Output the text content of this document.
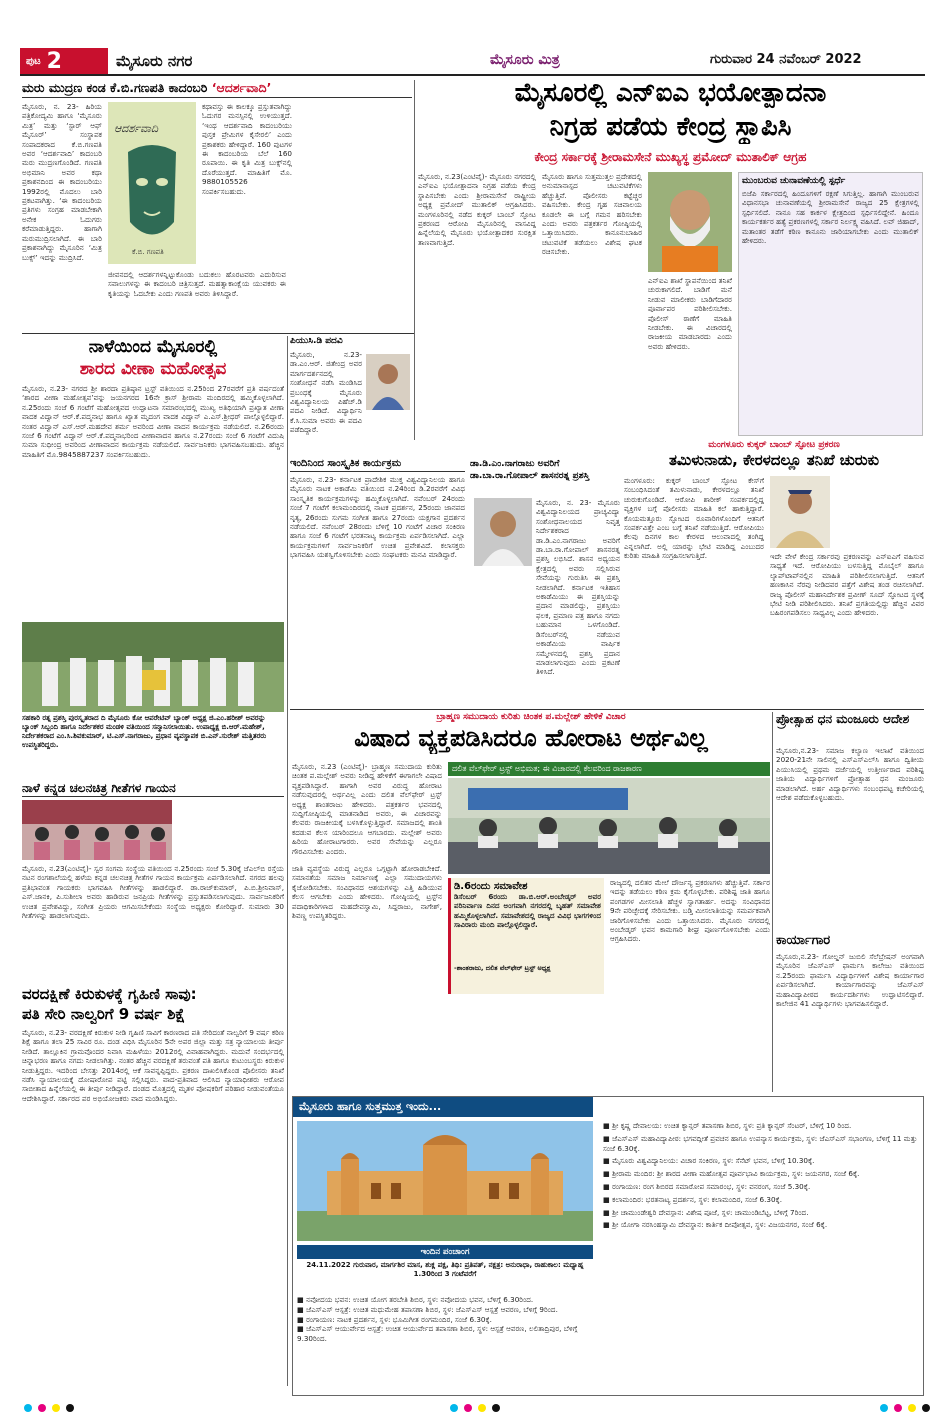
ಪುಟ 2	ಮೈಸೂರು ನಗರ	ಮೈಸೂರು ಮಿತ್ರ	ಗುರುವಾರ 24 ನವೆಂಬರ್ 2022
ಮರು ಮುದ್ರಣ ಕಂಡ ಕೆ.ಬಿ.ಗಣಪತಿ ಕಾದಂಬರಿ ‘ಆದರ್ಶವಾದಿ’
ಮೈಸೂರು, ನ. 23- ಹಿರಿಯ ಪತ್ರಿಕೋದ್ಯಮಿ ಹಾಗೂ ‘ಮೈಸೂರು ಮಿತ್ರ’ ಮತ್ತು ‘ಸ್ಟಾರ್ ಆಫ್ ಮೈಸೂರ್’ ಸಂಸ್ಥಾಪಕ ಸಂಪಾದಕರಾದ ಕೆ.ಬಿ.ಗಣಪತಿ ಅವರ ‘ಆದರ್ಶವಾದಿ’ ಕಾದಂಬರಿ ಮರು ಮುದ್ರಣಗೊಂಡಿದೆ. ಗಣಪತಿ ಅಭಿಮಾನಿ ಅವರ ಕಥಾ ಪ್ರಕಾಶನದಿಂದ ಈ ಕಾದಂಬರಿಯು 1992ರಲ್ಲಿ ಮೊದಲು ಬಾರಿ ಪ್ರಕಟವಾಗಿತ್ತು. ‘ಈ ಕಾದಂಬರಿಯ ಪ್ರತಿಗಳು ಸಂಗ್ರಹ ಮಾಡಬೇಕಾಗಿ ಅನೇಕ ಓದುಗರು ಕರೆಮಾಡುತ್ತಿದ್ದರು. ಹಾಗಾಗಿ ಮರುಮುದ್ರಿಸಲಾಗಿದೆ. ಈ ಬಾರಿ ಪ್ರಕಾಶನಾಗಿದ್ದು ಮೈಸೂರಿನ ‘ಮಿತ್ರ ಬುಕ್ಸ್’ ಇದನ್ನು ಮುದ್ರಿಸಿದೆ.
ಆದರ್ಶವಾದಿ
ಕೆ.ಬಿ. ಗಣಪತಿ
ಜೀವನದಲ್ಲಿ ಆದರ್ಶಗಳನ್ನಿಟ್ಟುಕೊಂಡು ಬದುಕಲು ಹೊರಟವರು ಎದುರಿಸುವ ಸವಾಲುಗಳನ್ನು ಈ ಕಾದಂಬರಿ ಚಿತ್ರಿಸುತ್ತದೆ. ಮಹತ್ವಾಕಾಂಕ್ಷೆಯ ಯುವಕರು ಈ ಕೃತಿಯನ್ನು ಓದಬೇಕು ಎಂದು ಗಣಪತಿ ಅವರು ತಿಳಿಸಿದ್ದಾರೆ.
ಕಥಾವಸ್ತು ಈ ಕಾಲಕ್ಕೂ ಪ್ರಸ್ತುತವಾಗಿದ್ದು ಓದುಗರ ಮನಸ್ಸಿನಲ್ಲಿ ಉಳಿಯುತ್ತದೆ. ‘ಇಂಥ ಆದರ್ಶವಾದಿ ಕಾದಂಬರಿಯು ಪುಸ್ತಕ ಪ್ರೇಮಿಗಳ ಕೈಸೇರಲಿ’ ಎಂದು ಪ್ರಕಾಶಕರು ಹೇಳಿದ್ದಾರೆ. 160 ಪುಟಗಳ ಈ ಕಾದಂಬರಿಯ ಬೆಲೆ 160 ರೂಪಾಯಿ. ಈ ಕೃತಿ ಮಿತ್ರ ಬುಕ್ಸ್‌ನಲ್ಲಿ ದೊರೆಯುತ್ತದೆ. ಮಾಹಿತಿಗೆ ಮೊ. 9880105526 ಸಂಪರ್ಕಿಸಬಹುದು.
ಮೈಸೂರಲ್ಲಿ ಎನ್‌ಐಎ ಭಯೋತ್ಪಾದನಾ
ನಿಗ್ರಹ ಪಡೆಯ ಕೇಂದ್ರ ಸ್ಥಾಪಿಸಿ
ಕೇಂದ್ರ ಸರ್ಕಾರಕ್ಕೆ ಶ್ರೀರಾಮಸೇನೆ ಮುಖ್ಯಸ್ಥ ಪ್ರಮೋದ್ ಮುತಾಲಿಕ್ ಆಗ್ರಹ
ಮೈಸೂರು, ನ.23(ಎಂಟಿವೈ)- ಮೈಸೂರು ನಗರದಲ್ಲಿ ಎನ್‌ಐಎ ಭಯೋತ್ಪಾದನಾ ನಿಗ್ರಹ ಪಡೆಯ ಕೇಂದ್ರ ಸ್ಥಾಪಿಸಬೇಕು ಎಂದು ಶ್ರೀರಾಮಸೇನೆ ರಾಷ್ಟ್ರೀಯ ಅಧ್ಯಕ್ಷ ಪ್ರಮೋದ್ ಮುತಾಲಿಕ್ ಆಗ್ರಹಿಸಿದರು. ಮಂಗಳೂರಿನಲ್ಲಿ ನಡೆದ ಕುಕ್ಕರ್ ಬಾಂಬ್ ಸ್ಫೋಟ ಪ್ರಕರಣದ ಆರೋಪಿ ಮೈಸೂರಿನಲ್ಲಿ ವಾಸವಿದ್ದ ಹಿನ್ನೆಲೆಯಲ್ಲಿ ಮೈಸೂರು ಭಯೋತ್ಪಾದಕರ ಸುರಕ್ಷಿತ ತಾಣವಾಗುತ್ತಿದೆ.
ಮೈಸೂರು ಹಾಗೂ ಸುತ್ತಮುತ್ತಲ ಪ್ರದೇಶದಲ್ಲಿ ಅನುಮಾನಾಸ್ಪದ ಚಟುವಟಿಕೆಗಳು ಹೆಚ್ಚುತ್ತಿವೆ. ಪೊಲೀಸರು ಕಟ್ಟೆಚ್ಚರ ವಹಿಸಬೇಕು. ಕೇಂದ್ರ ಗೃಹ ಸಚಿವಾಲಯ ಕೂಡಲೇ ಈ ಬಗ್ಗೆ ಗಮನ ಹರಿಸಬೇಕು ಎಂದು ಅವರು ಪತ್ರಕರ್ತರ ಗೋಷ್ಠಿಯಲ್ಲಿ ಒತ್ತಾಯಿಸಿದರು. ಕಾನೂನುಬಾಹಿರ ಚಟುವಟಿಕೆ ತಡೆಯಲು ವಿಶೇಷ ಘಟಕ ರಚಿಸಬೇಕು.
ಎನ್‌ಐಎ ಶಾಖೆ ಸ್ಥಾಪನೆಯಿಂದ ತನಿಖೆ ಚುರುಕಾಗಲಿದೆ. ಬಾಡಿಗೆ ಮನೆ ನೀಡುವ ಮಾಲೀಕರು ಬಾಡಿಗೆದಾರರ ಪೂರ್ವಾಪರ ಪರಿಶೀಲಿಸಬೇಕು. ಪೊಲೀಸ್ ಠಾಣೆಗೆ ಮಾಹಿತಿ ನೀಡಬೇಕು. ಈ ವಿಚಾರದಲ್ಲಿ ರಾಜಕೀಯ ಮಾಡಬಾರದು ಎಂದು ಅವರು ಹೇಳಿದರು.
ಮುಂಬರುವ ಚುನಾವಣೆಯಲ್ಲಿ ಸ್ಪರ್ಧೆ
ಬಿಜೆಪಿ ಸರ್ಕಾರದಲ್ಲಿ ಹಿಂದೂಗಳಿಗೆ ರಕ್ಷಣೆ ಸಿಗುತ್ತಿಲ್ಲ. ಹಾಗಾಗಿ ಮುಂಬರುವ ವಿಧಾನಸಭಾ ಚುನಾವಣೆಯಲ್ಲಿ ಶ್ರೀರಾಮಸೇನೆ ರಾಜ್ಯದ 25 ಕ್ಷೇತ್ರಗಳಲ್ಲಿ ಸ್ಪರ್ಧಿಸಲಿದೆ. ನಾನೂ ಸಹ ಕಾರ್ಕಳ ಕ್ಷೇತ್ರದಿಂದ ಸ್ಪರ್ಧಿಸಲಿದ್ದೇನೆ. ಹಿಂದೂ ಕಾರ್ಯಕರ್ತರ ಹತ್ಯೆ ಪ್ರಕರಣಗಳಲ್ಲಿ ಸರ್ಕಾರ ನಿರ್ಲಕ್ಷ್ಯ ವಹಿಸಿದೆ. ಲವ್ ಜಿಹಾದ್, ಮತಾಂತರ ತಡೆಗೆ ಕಠಿಣ ಕಾನೂನು ಜಾರಿಯಾಗಬೇಕು ಎಂದು ಮುತಾಲಿಕ್ ಹೇಳಿದರು.
ನಾಳೆಯಿಂದ ಮೈಸೂರಲ್ಲಿ
ಶಾರದ ವೀಣಾ ಮಹೋತ್ಸವ
ಮೈಸೂರು, ನ.23- ನಗರದ ಶ್ರೀ ಶಾರದಾ ಪ್ರತಿಷ್ಠಾನ ಟ್ರಸ್ಟ್ ವತಿಯಿಂದ ನ.25ರಿಂದ 27ರವರೆಗೆ ಪ್ರತಿ ವರ್ಷದಂತೆ ‘ಶಾರದ ವೀಣಾ ಮಹೋತ್ಸವ’ವನ್ನು ಜಯನಗರದ 16ನೇ ಕ್ರಾಸ್ ಶ್ರೀರಾಮ ಮಂದಿರದಲ್ಲಿ ಹಮ್ಮಿಕೊಳ್ಳಲಾಗಿದೆ. ನ.25ರಂದು ಸಂಜೆ 6 ಗಂಟೆಗೆ ಮಹೋತ್ಸವದ ಉದ್ಘಾಟನಾ ಸಮಾರಂಭದಲ್ಲಿ ಮುಖ್ಯ ಅತಿಥಿಯಾಗಿ ಪ್ರಖ್ಯಾತ ವೀಣಾ ವಾದಕ ವಿದ್ವಾನ್ ಆರ್.ಕೆ.ಪದ್ಮನಾಭ ಹಾಗೂ ಖ್ಯಾತ ಮೃದಂಗ ವಾದಕ ವಿದ್ವಾನ್ ಎ.ಎಸ್.ಶ್ರೀಧರ್ ಪಾಲ್ಗೊಳ್ಳಲಿದ್ದಾರೆ. ನಂತರ ವಿದ್ವಾನ್ ಎಸ್.ಆರ್.ಮಹದೇವ ಶರ್ಮ ಅವರಿಂದ ವೀಣಾ ವಾದನ ಕಾರ್ಯಕ್ರಮ ನಡೆಯಲಿದೆ. ನ.26ರಂದು ಸಂಜೆ 6 ಗಂಟೆಗೆ ವಿದ್ವಾನ್ ಆರ್.ಕೆ.ಪದ್ಮನಾಭರಿಂದ ವೀಣಾವಾದನ ಹಾಗೂ ನ.27ರಂದು ಸಂಜೆ 6 ಗಂಟೆಗೆ ವಿದುಷಿ ಸುಮಾ ಸುಧೀಂದ್ರ ಅವರಿಂದ ವೀಣಾವಾದನ ಕಾರ್ಯಕ್ರಮ ನಡೆಯಲಿದೆ. ಸಾರ್ವಜನಿಕರು ಭಾಗವಹಿಸಬಹುದು. ಹೆಚ್ಚಿನ ಮಾಹಿತಿಗೆ ಮೊ.9845887237 ಸಂಪರ್ಕಿಸಬಹುದು.
ಪಿಯುಸಿ.ಡಿ ಪದವಿ
ಮೈಸೂರು, ನ.23- ಡಾ.ಎಂ.ಆರ್. ಜಿತೇಂದ್ರ ಅವರ ಮಾರ್ಗದರ್ಶನದಲ್ಲಿ ಸಂಶೋಧನೆ ನಡೆಸಿ ಮಂಡಿಸಿದ ಪ್ರಬಂಧಕ್ಕೆ ಮೈಸೂರು ವಿಶ್ವವಿದ್ಯಾನಿಲಯ ಪಿಹೆಚ್.ಡಿ ಪದವಿ ನೀಡಿದೆ. ವಿದ್ಯಾರ್ಥಿನಿ ಕೆ.ಸಿ.ಸುಮಾ ಅವರು ಈ ಪದವಿ ಪಡೆದಿದ್ದಾರೆ.
ಇಂದಿನಿಂದ ಸಾಂಸ್ಕೃತಿಕ ಕಾರ್ಯಕ್ರಮ
ಮೈಸೂರು, ನ.23- ಕರ್ನಾಟಕ ಪ್ರಾದೇಶಿಕ ಮುಕ್ತ ವಿಶ್ವವಿದ್ಯಾನಿಲಯ ಹಾಗೂ ಮೈಸೂರು ನಾಟಕ ಅಕಾಡೆಮಿ ವತಿಯಿಂದ ನ.24ರಿಂದ ಡಿ.2ರವರೆಗೆ ವಿವಿಧ ಸಾಂಸ್ಕೃತಿಕ ಕಾರ್ಯಕ್ರಮಗಳನ್ನು ಹಮ್ಮಿಕೊಳ್ಳಲಾಗಿದೆ. ನವೆಂಬರ್ 24ರಂದು ಸಂಜೆ 7 ಗಂಟೆಗೆ ಕಲಾಮಂದಿರದಲ್ಲಿ ನಾಟಕ ಪ್ರದರ್ಶನ, 25ರಂದು ಜಾನಪದ ನೃತ್ಯ, 26ರಂದು ಸುಗಮ ಸಂಗೀತ ಹಾಗೂ 27ರಂದು ಯಕ್ಷಗಾನ ಪ್ರದರ್ಶನ ನಡೆಯಲಿದೆ. ನವೆಂಬರ್ 28ರಂದು ಬೆಳಿಗ್ಗೆ 10 ಗಂಟೆಗೆ ವಿಚಾರ ಸಂಕಿರಣ ಹಾಗೂ ಸಂಜೆ 6 ಗಂಟೆಗೆ ಭರತನಾಟ್ಯ ಕಾರ್ಯಕ್ರಮ ಏರ್ಪಡಿಸಲಾಗಿದೆ. ಎಲ್ಲಾ ಕಾರ್ಯಕ್ರಮಗಳಿಗೆ ಸಾರ್ವಜನಿಕರಿಗೆ ಉಚಿತ ಪ್ರವೇಶವಿದೆ. ಕಲಾಸಕ್ತರು ಭಾಗವಹಿಸಿ ಯಶಸ್ವಿಗೊಳಿಸಬೇಕು ಎಂದು ಸಂಘಟಕರು ಮನವಿ ಮಾಡಿದ್ದಾರೆ.
ಡಾ.ಡಿ.ಎಂ.ನಾಗರಾಜು ಅವರಿಗೆ ಡಾ.ಬಾ.ರಾ.ಗೋಪಾಲ್ ಶಾಸನರತ್ನ ಪ್ರಶಸ್ತಿ
ಮೈಸೂರು, ನ. 23- ಮೈಸೂರು ವಿಶ್ವವಿದ್ಯಾನಿಲಯದ ಪ್ರಾಚ್ಯವಿದ್ಯಾ ಸಂಶೋಧನಾಲಯದ ನಿವೃತ್ತ ನಿರ್ದೇಶಕರಾದ ಡಾ.ಡಿ.ಎಂ.ನಾಗರಾಜು ಅವರಿಗೆ ಡಾ.ಬಾ.ರಾ.ಗೋಪಾಲ್ ಶಾಸನರತ್ನ ಪ್ರಶಸ್ತಿ ಲಭಿಸಿದೆ. ಶಾಸನ ಅಧ್ಯಯನ ಕ್ಷೇತ್ರದಲ್ಲಿ ಅವರು ಸಲ್ಲಿಸಿರುವ ಸೇವೆಯನ್ನು ಗುರುತಿಸಿ ಈ ಪ್ರಶಸ್ತಿ ನೀಡಲಾಗಿದೆ. ಕರ್ನಾಟಕ ಇತಿಹಾಸ ಅಕಾಡೆಮಿಯು ಈ ಪ್ರಶಸ್ತಿಯನ್ನು ಪ್ರದಾನ ಮಾಡಲಿದ್ದು, ಪ್ರಶಸ್ತಿಯು ಫಲಕ, ಪ್ರಮಾಣ ಪತ್ರ ಹಾಗೂ ನಗದು ಬಹುಮಾನ ಒಳಗೊಂಡಿದೆ. ಡಿಸೆಂಬರ್‌ನಲ್ಲಿ ನಡೆಯುವ ಅಕಾಡೆಮಿಯ ವಾರ್ಷಿಕ ಸಮ್ಮೇಳನದಲ್ಲಿ ಪ್ರಶಸ್ತಿ ಪ್ರದಾನ ಮಾಡಲಾಗುವುದು ಎಂದು ಪ್ರಕಟಣೆ ತಿಳಿಸಿದೆ.
ಮಂಗಳೂರು ಕುಕ್ಕರ್ ಬಾಂಬ್ ಸ್ಫೋಟ ಪ್ರಕರಣ
ತಮಿಳುನಾಡು, ಕೇರಳದಲ್ಲೂ ತನಿಖೆ ಚುರುಕು
ಮಂಗಳೂರು: ಕುಕ್ಕರ್ ಬಾಂಬ್ ಸ್ಫೋಟ ಕೇಸ್‌ಗೆ ಸಂಬಂಧಿಸಿದಂತೆ ತಮಿಳುನಾಡು, ಕೇರಳದಲ್ಲೂ ತನಿಖೆ ಚುರುಕುಗೊಂಡಿದೆ. ಆರೋಪಿ ಶಾರೀಕ್ ಸಂಪರ್ಕದಲ್ಲಿದ್ದ ವ್ಯಕ್ತಿಗಳ ಬಗ್ಗೆ ಪೊಲೀಸರು ಮಾಹಿತಿ ಕಲೆ ಹಾಕುತ್ತಿದ್ದಾರೆ. ಕೊಯಮತ್ತೂರು ಸ್ಫೋಟದ ರೂವಾರಿಗಳೊಂದಿಗೆ ಆತನಿಗೆ ಸಂಪರ್ಕವಿತ್ತೇ ಎಂಬ ಬಗ್ಗೆ ತನಿಖೆ ನಡೆಯುತ್ತಿದೆ. ಆರೋಪಿಯು ಕೆಲವು ದಿನಗಳ ಕಾಲ ಕೇರಳದ ಆಲುವಾದಲ್ಲಿ ತಂಗಿದ್ದ ಎನ್ನಲಾಗಿದೆ. ಅಲ್ಲಿ ಯಾರನ್ನು ಭೇಟಿ ಮಾಡಿದ್ದ ಎಂಬುದರ ಕುರಿತು ಮಾಹಿತಿ ಸಂಗ್ರಹಿಸಲಾಗುತ್ತಿದೆ.	ಇದೇ ವೇಳೆ ಕೇಂದ್ರ ಸರ್ಕಾರವು ಪ್ರಕರಣವನ್ನು ಎನ್‌ಐಎಗೆ ವಹಿಸುವ ಸಾಧ್ಯತೆ ಇದೆ. ಆರೋಪಿಯು ಬಳಸುತ್ತಿದ್ದ ಮೊಬೈಲ್ ಹಾಗೂ ಲ್ಯಾಪ್‌ಟಾಪ್‌ನಲ್ಲಿನ ಮಾಹಿತಿ ಪರಿಶೀಲಿಸಲಾಗುತ್ತಿದೆ. ಆತನಿಗೆ ಹಣಕಾಸಿನ ನೆರವು ನೀಡಿದವರ ಪತ್ತೆಗೆ ವಿಶೇಷ ತಂಡ ರಚಿಸಲಾಗಿದೆ. ರಾಜ್ಯ ಪೊಲೀಸ್ ಮಹಾನಿರ್ದೇಶಕ ಪ್ರವೀಣ್ ಸೂದ್ ಸ್ಫೋಟದ ಸ್ಥಳಕ್ಕೆ ಭೇಟಿ ನೀಡಿ ಪರಿಶೀಲಿಸಿದರು. ತನಿಖೆ ಪ್ರಗತಿಯಲ್ಲಿದ್ದು ಹೆಚ್ಚಿನ ವಿವರ ಬಹಿರಂಗಪಡಿಸಲು ಸಾಧ್ಯವಿಲ್ಲ ಎಂದು ಹೇಳಿದರು.
ಸಹಕಾರಿ ರತ್ನ ಪ್ರಶಸ್ತಿ ಪುರಸ್ಕೃತರಾದ ದಿ ಮೈಸೂರು ಕೋ ಆಪರೇಟಿವ್ ಬ್ಯಾಂಕ್ ಅಧ್ಯಕ್ಷ ಜಿ.ಎಂ.ಹರೀಶ್ ಅವರನ್ನು ಬ್ಯಾಂಕ್ ಸಿಬ್ಬಂದಿ ಹಾಗೂ ನಿರ್ದೇಶಕರ ಮಂಡಳಿ ವತಿಯಿಂದ ಸನ್ಮಾನಿಸಲಾಯಿತು. ಉಪಾಧ್ಯಕ್ಷ ಬಿ.ಆರ್.ಮಹೇಶ್, ನಿರ್ದೇಶಕರಾದ ಎಂ.ಸಿ.ಶಿವಕುಮಾರ್, ಟಿ.ಎಸ್.ನಾಗರಾಜು, ಪ್ರಧಾನ ವ್ಯವಸ್ಥಾಪಕ ಬಿ.ಎನ್.ಸುರೇಶ್ ಮತ್ತಿತರರು ಉಪಸ್ಥಿತರಿದ್ದರು.
ನಾಳೆ ಕನ್ನಡ ಚಲನಚಿತ್ರ ಗೀತೆಗಳ ಗಾಯನ
ಮೈಸೂರು, ನ.23(ಎಂಟಿವೈ)- ಸ್ವರ ಸಂಗಮ ಸಂಸ್ಥೆಯ ವತಿಯಿಂದ ನ.25ರಂದು ಸಂಜೆ 5.30ಕ್ಕೆ ಜೆಎಲ್‌ಬಿ ರಸ್ತೆಯ ನಟನ ರಂಗಶಾಲೆಯಲ್ಲಿ ಹಳೆಯ ಕನ್ನಡ ಚಲನಚಿತ್ರ ಗೀತೆಗಳ ಗಾಯನ ಕಾರ್ಯಕ್ರಮ ಏರ್ಪಡಿಸಲಾಗಿದೆ. ನಗರದ ಹಲವು ಪ್ರತಿಭಾವಂತ ಗಾಯಕರು ಭಾಗವಹಿಸಿ ಗೀತೆಗಳನ್ನು ಹಾಡಲಿದ್ದಾರೆ. ಡಾ.ರಾಜ್‌ಕುಮಾರ್, ಪಿ.ಬಿ.ಶ್ರೀನಿವಾಸ್, ಎಸ್.ಜಾನಕಿ, ಪಿ.ಸುಶೀಲಾ ಅವರು ಹಾಡಿರುವ ಜನಪ್ರಿಯ ಗೀತೆಗಳನ್ನು ಪ್ರಸ್ತುತಪಡಿಸಲಾಗುವುದು. ಸಾರ್ವಜನಿಕರಿಗೆ ಉಚಿತ ಪ್ರವೇಶವಿದ್ದು, ಸಂಗೀತ ಪ್ರಿಯರು ಆಗಮಿಸಬೇಕೆಂದು ಸಂಸ್ಥೆಯ ಅಧ್ಯಕ್ಷರು ಕೋರಿದ್ದಾರೆ. ಸುಮಾರು 30 ಗೀತೆಗಳನ್ನು ಹಾಡಲಾಗುವುದು.
ವರದಕ್ಷಿಣೆ ಕಿರುಕುಳಕ್ಕೆ ಗೃಹಿಣಿ ಸಾವು:
ಪತಿ ಸೇರಿ ನಾಲ್ವರಿಗೆ 9 ವರ್ಷ ಶಿಕ್ಷೆ
ಮೈಸೂರು, ನ.23- ವರದಕ್ಷಿಣೆ ಕಿರುಕುಳ ನೀಡಿ ಗೃಹಿಣಿ ಸಾವಿಗೆ ಕಾರಣರಾದ ಪತಿ ಸೇರಿದಂತೆ ನಾಲ್ವರಿಗೆ 9 ವರ್ಷ ಕಠಿಣ ಶಿಕ್ಷೆ ಹಾಗೂ ತಲಾ 25 ಸಾವಿರ ರೂ. ದಂಡ ವಿಧಿಸಿ ಮೈಸೂರಿನ 5ನೇ ಅಪರ ಜಿಲ್ಲಾ ಮತ್ತು ಸತ್ರ ನ್ಯಾಯಾಲಯ ತೀರ್ಪು ನೀಡಿದೆ. ತಾಲ್ಲೂಕಿನ ಗ್ರಾಮವೊಂದರ ನಿವಾಸಿ ಮಹಿಳೆಯು 2012ರಲ್ಲಿ ವಿವಾಹವಾಗಿದ್ದರು. ಮದುವೆ ಸಂದರ್ಭದಲ್ಲಿ ಚಿನ್ನಾಭರಣ ಹಾಗೂ ನಗದು ನೀಡಲಾಗಿತ್ತು. ನಂತರ ಹೆಚ್ಚಿನ ವರದಕ್ಷಿಣೆ ತರುವಂತೆ ಪತಿ ಹಾಗೂ ಕುಟುಂಬಸ್ಥರು ಕಿರುಕುಳ ನೀಡುತ್ತಿದ್ದರು. ಇದರಿಂದ ಬೇಸತ್ತು 2014ರಲ್ಲಿ ಆಕೆ ಸಾವನ್ನಪ್ಪಿದ್ದರು. ಪ್ರಕರಣ ದಾಖಲಿಸಿಕೊಂಡ ಪೊಲೀಸರು ತನಿಖೆ ನಡೆಸಿ ನ್ಯಾಯಾಲಯಕ್ಕೆ ದೋಷಾರೋಪ ಪಟ್ಟಿ ಸಲ್ಲಿಸಿದ್ದರು. ವಾದ-ಪ್ರತಿವಾದ ಆಲಿಸಿದ ನ್ಯಾಯಾಧೀಶರು ಆರೋಪ ಸಾಬೀತಾದ ಹಿನ್ನೆಲೆಯಲ್ಲಿ ಈ ತೀರ್ಪು ನೀಡಿದ್ದಾರೆ. ದಂಡದ ಮೊತ್ತದಲ್ಲಿ ಮೃತಳ ಪೋಷಕರಿಗೆ ಪರಿಹಾರ ನೀಡುವಂತೆಯೂ ಆದೇಶಿಸಿದ್ದಾರೆ. ಸರ್ಕಾರದ ಪರ ಅಭಿಯೋಜಕರು ವಾದ ಮಂಡಿಸಿದ್ದರು.
ಬ್ರಾಹ್ಮಣ ಸಮುದಾಯ ಕುರಿತು ಚಿಂತಕ ಪ.ಮಲ್ಲೇಶ್ ಹೇಳಿಕೆ ವಿಚಾರ
ವಿಷಾದ ವ್ಯಕ್ತಪಡಿಸಿದರೂ ಹೋರಾಟ ಅರ್ಥವಿಲ್ಲ
ಮೈಸೂರು, ನ.23 (ಎಂಟಿವೈ)- ಬ್ರಾಹ್ಮಣ ಸಮುದಾಯ ಕುರಿತು ಚಿಂತಕ ಪ.ಮಲ್ಲೇಶ್ ಅವರು ನೀಡಿದ್ದ ಹೇಳಿಕೆಗೆ ಈಗಾಗಲೇ ವಿಷಾದ ವ್ಯಕ್ತಪಡಿಸಿದ್ದಾರೆ. ಹಾಗಾಗಿ ಅವರ ವಿರುದ್ಧ ಹೋರಾಟ ನಡೆಸುವುದರಲ್ಲಿ ಅರ್ಥವಿಲ್ಲ ಎಂದು ದಲಿತ ವೆಲ್‌ಫೇರ್ ಟ್ರಸ್ಟ್ ಅಧ್ಯಕ್ಷ ಶಾಂತರಾಜು ಹೇಳಿದರು. ಪತ್ರಕರ್ತರ ಭವನದಲ್ಲಿ ಸುದ್ದಿಗೋಷ್ಠಿಯಲ್ಲಿ ಮಾತನಾಡಿದ ಅವರು, ಈ ವಿಚಾರವನ್ನು ಕೆಲವರು ರಾಜಕೀಯಕ್ಕೆ ಬಳಸಿಕೊಳ್ಳುತ್ತಿದ್ದಾರೆ. ಸಮಾಜದಲ್ಲಿ ಶಾಂತಿ ಕದಡುವ ಕೆಲಸ ಯಾರಿಂದಲೂ ಆಗಬಾರದು. ಮಲ್ಲೇಶ್ ಅವರು ಹಿರಿಯ ಹೋರಾಟಗಾರರು. ಅವರ ಸೇವೆಯನ್ನು ಎಲ್ಲರೂ ಗೌರವಿಸಬೇಕು ಎಂದರು.
ದಲಿತ ವೆಲ್‌ಫೇರ್ ಟ್ರಸ್ಟ್ ಅಭಿಮತ; ಈ ವಿಚಾರದಲ್ಲಿ ಕೆಲವರಿಂದ ರಾಜಕಾರಣ
ಡಿ.6ರಂದು ಸಮಾವೇಶ
ಡಿಸೆಂಬರ್ 6ರಂದು ಡಾ.ಬಿ.ಆರ್.ಅಂಬೇಡ್ಕರ್ ಅವರ ಪರಿನಿರ್ವಾಣ ದಿನದ ಅಂಗವಾಗಿ ನಗರದಲ್ಲಿ ಬೃಹತ್ ಸಮಾವೇಶ ಹಮ್ಮಿಕೊಳ್ಳಲಾಗಿದೆ. ಸಮಾವೇಶದಲ್ಲಿ ರಾಜ್ಯದ ವಿವಿಧ ಭಾಗಗಳಿಂದ ಸಾವಿರಾರು ಮಂದಿ ಪಾಲ್ಗೊಳ್ಳಲಿದ್ದಾರೆ.
-ಶಾಂತರಾಜು, ದಲಿತ ವೆಲ್‌ಫೇರ್ ಟ್ರಸ್ಟ್ ಅಧ್ಯಕ್ಷ
ಜಾತಿ ವ್ಯವಸ್ಥೆಯ ವಿರುದ್ಧ ಎಲ್ಲರೂ ಒಗ್ಗಟ್ಟಾಗಿ ಹೋರಾಡಬೇಕಿದೆ. ಸಮಾನತೆಯ ಸಮಾಜ ನಿರ್ಮಾಣಕ್ಕೆ ಎಲ್ಲಾ ಸಮುದಾಯಗಳು ಕೈಜೋಡಿಸಬೇಕು. ಸಂವಿಧಾನದ ಆಶಯಗಳನ್ನು ಎತ್ತಿ ಹಿಡಿಯುವ ಕೆಲಸ ಆಗಬೇಕು ಎಂದು ಹೇಳಿದರು. ಗೋಷ್ಠಿಯಲ್ಲಿ ಟ್ರಸ್ಟ್‌ನ ಪದಾಧಿಕಾರಿಗಳಾದ ಮಹದೇವಸ್ವಾಮಿ, ಸಿದ್ದರಾಜು, ನಾಗೇಶ್, ಶಿವಣ್ಣ ಉಪಸ್ಥಿತರಿದ್ದರು.
ರಾಜ್ಯದಲ್ಲಿ ದಲಿತರ ಮೇಲೆ ದೌರ್ಜನ್ಯ ಪ್ರಕರಣಗಳು ಹೆಚ್ಚುತ್ತಿವೆ. ಸರ್ಕಾರ ಇದನ್ನು ತಡೆಯಲು ಕಠಿಣ ಕ್ರಮ ಕೈಗೊಳ್ಳಬೇಕು. ಪರಿಶಿಷ್ಟ ಜಾತಿ ಹಾಗೂ ಪಂಗಡಗಳ ಮೀಸಲಾತಿ ಹೆಚ್ಚಳ ಸ್ವಾಗತಾರ್ಹ. ಅದನ್ನು ಸಂವಿಧಾನದ 9ನೇ ಪರಿಚ್ಛೇದಕ್ಕೆ ಸೇರಿಸಬೇಕು. ಬಡ್ತಿ ಮೀಸಲಾತಿಯನ್ನು ಸಮರ್ಪಕವಾಗಿ ಜಾರಿಗೊಳಿಸಬೇಕು ಎಂದು ಒತ್ತಾಯಿಸಿದರು. ಮೈಸೂರು ನಗರದಲ್ಲಿ ಅಂಬೇಡ್ಕರ್ ಭವನ ಕಾಮಗಾರಿ ಶೀಘ್ರ ಪೂರ್ಣಗೊಳಿಸಬೇಕು ಎಂದು ಆಗ್ರಹಿಸಿದರು.
ಪ್ರೋತ್ಸಾಹ ಧನ ಮಂಜೂರು ಆದೇಶ
ಮೈಸೂರು,ನ.23- ಸಮಾಜ ಕಲ್ಯಾಣ ಇಲಾಖೆ ವತಿಯಿಂದ 2020-21ನೇ ಸಾಲಿನಲ್ಲಿ ಎಸ್‌ಎಸ್‌ಎಲ್‌ಸಿ ಹಾಗೂ ದ್ವಿತೀಯ ಪಿಯುಸಿಯಲ್ಲಿ ಪ್ರಥಮ ದರ್ಜೆಯಲ್ಲಿ ಉತ್ತೀರ್ಣರಾದ ಪರಿಶಿಷ್ಟ ಜಾತಿಯ ವಿದ್ಯಾರ್ಥಿಗಳಿಗೆ ಪ್ರೋತ್ಸಾಹ ಧನ ಮಂಜೂರು ಮಾಡಲಾಗಿದೆ. ಅರ್ಹ ವಿದ್ಯಾರ್ಥಿಗಳು ಸಂಬಂಧಪಟ್ಟ ಕಚೇರಿಯಲ್ಲಿ ಆದೇಶ ಪಡೆದುಕೊಳ್ಳಬಹುದು.
ಕಾರ್ಯಾಗಾರ
ಮೈಸೂರು,ನ.23- ಗೋಲ್ಡನ್ ಜುಬಿಲಿ ಸೆಲೆಬ್ರೇಷನ್ ಅಂಗವಾಗಿ ಮೈಸೂರಿನ ಜೆಎಸ್‌ಎಸ್ ಫಾರ್ಮಸಿ ಕಾಲೇಜು ವತಿಯಿಂದ ನ.25ರಂದು ಫಾರ್ಮಸಿ ವಿದ್ಯಾರ್ಥಿಗಳಿಗೆ ವಿಶೇಷ ಕಾರ್ಯಾಗಾರ ಏರ್ಪಡಿಸಲಾಗಿದೆ. ಕಾರ್ಯಾಗಾರವನ್ನು ಜೆಎಸ್‌ಎಸ್ ಮಹಾವಿದ್ಯಾಪೀಠದ ಕಾರ್ಯದರ್ಶಿಗಳು ಉದ್ಘಾಟಿಸಲಿದ್ದಾರೆ. ಕಾಲೇಜಿನ 41 ವಿದ್ಯಾರ್ಥಿಗಳು ಭಾಗವಹಿಸಲಿದ್ದಾರೆ.
ಮೈಸೂರು ಹಾಗೂ ಸುತ್ತಮುತ್ತ ಇಂದು...
ಇಂದಿನ ಪಂಚಾಂಗ
24.11.2022 ಗುರುವಾರ, ಮಾರ್ಗಶಿರ ಮಾಸ, ಶುಕ್ಲ ಪಕ್ಷ, ತಿಥಿ: ಪ್ರತಿಪತ್, ನಕ್ಷತ್ರ: ಅನುರಾಧಾ, ರಾಹುಕಾಲ: ಮಧ್ಯಾಹ್ನ 1.30ರಿಂದ 3 ಗಂಟೆವರೆಗೆ
■ ನವೋದಯ ಭವನ: ಉಚಿತ ಯೋಗ ತರಬೇತಿ ಶಿಬಿರ, ಸ್ಥಳ: ನವೋದಯ ಭವನ, ಬೆಳಿಗ್ಗೆ 6.30ರಿಂದ.
■ ಜೆಎಸ್‌ಎಸ್ ಆಸ್ಪತ್ರೆ: ಉಚಿತ ಮಧುಮೇಹ ತಪಾಸಣಾ ಶಿಬಿರ, ಸ್ಥಳ: ಜೆಎಸ್‌ಎಸ್ ಆಸ್ಪತ್ರೆ ಆವರಣ, ಬೆಳಿಗ್ಗೆ 9ರಿಂದ.
■ ರಂಗಾಯಣ: ನಾಟಕ ಪ್ರದರ್ಶನ, ಸ್ಥಳ: ಭೂಮಿಗೀತ ರಂಗಮಂದಿರ, ಸಂಜೆ 6.30ಕ್ಕೆ.
■ ಜೆಎಸ್‌ಎಸ್ ಆಯುರ್ವೇದ ಆಸ್ಪತ್ರೆ: ಉಚಿತ ಆಯುರ್ವೇದ ತಪಾಸಣಾ ಶಿಬಿರ, ಸ್ಥಳ: ಆಸ್ಪತ್ರೆ ಆವರಣ, ಲಲಿತಾದ್ರಿಪುರ, ಬೆಳಿಗ್ಗೆ 9.30ರಿಂದ.
■ ಶ್ರೀ ಕೃಷ್ಣ ದೇವಾಲಯ: ಉಚಿತ ಕ್ಯಾನ್ಸರ್ ತಪಾಸಣಾ ಶಿಬಿರ, ಸ್ಥಳ: ಪ್ರತಿ ಕ್ಯಾನ್ಸರ್ ಸೆಂಟರ್, ಬೆಳಿಗ್ಗೆ 10 ರಿಂದ.
■ ಜೆಎಸ್‌ಎಸ್ ಮಹಾವಿದ್ಯಾಪೀಠ: ಭಗವದ್ಗೀತೆ ಪ್ರವಚನ ಹಾಗೂ ಉಪನ್ಯಾಸ ಕಾರ್ಯಕ್ರಮ, ಸ್ಥಳ: ಜೆಎಸ್‌ಎಸ್ ಸಭಾಂಗಣ, ಬೆಳಿಗ್ಗೆ 11 ಮತ್ತು ಸಂಜೆ 6.30ಕ್ಕೆ.
■ ಮೈಸೂರು ವಿಶ್ವವಿದ್ಯಾನಿಲಯ: ವಿಚಾರ ಸಂಕಿರಣ, ಸ್ಥಳ: ಸೆನೆಟ್ ಭವನ, ಬೆಳಿಗ್ಗೆ 10.30ಕ್ಕೆ.
■ ಶ್ರೀರಾಮ ಮಂದಿರ: ಶ್ರೀ ಶಾರದ ವೀಣಾ ಮಹೋತ್ಸವ ಪೂರ್ವಭಾವಿ ಕಾರ್ಯಕ್ರಮ, ಸ್ಥಳ: ಜಯನಗರ, ಸಂಜೆ 6ಕ್ಕೆ.
■ ರಂಗಾಯಣ: ರಂಗ ಶಿಬಿರದ ಸಮಾರೋಪ ಸಮಾರಂಭ, ಸ್ಥಳ: ವನರಂಗ, ಸಂಜೆ 5.30ಕ್ಕೆ.
■ ಕಲಾಮಂದಿರ: ಭರತನಾಟ್ಯ ಪ್ರದರ್ಶನ, ಸ್ಥಳ: ಕಲಾಮಂದಿರ, ಸಂಜೆ 6.30ಕ್ಕೆ.
■ ಶ್ರೀ ಚಾಮುಂಡೇಶ್ವರಿ ದೇವಸ್ಥಾನ: ವಿಶೇಷ ಪೂಜೆ, ಸ್ಥಳ: ಚಾಮುಂಡಿಬೆಟ್ಟ, ಬೆಳಿಗ್ಗೆ 7ರಿಂದ.
■ ಶ್ರೀ ಯೋಗಾ ನರಸಿಂಹಸ್ವಾಮಿ ದೇವಸ್ಥಾನ: ಕಾರ್ತಿಕ ದೀಪೋತ್ಸವ, ಸ್ಥಳ: ವಿಜಯನಗರ, ಸಂಜೆ 6ಕ್ಕೆ.
